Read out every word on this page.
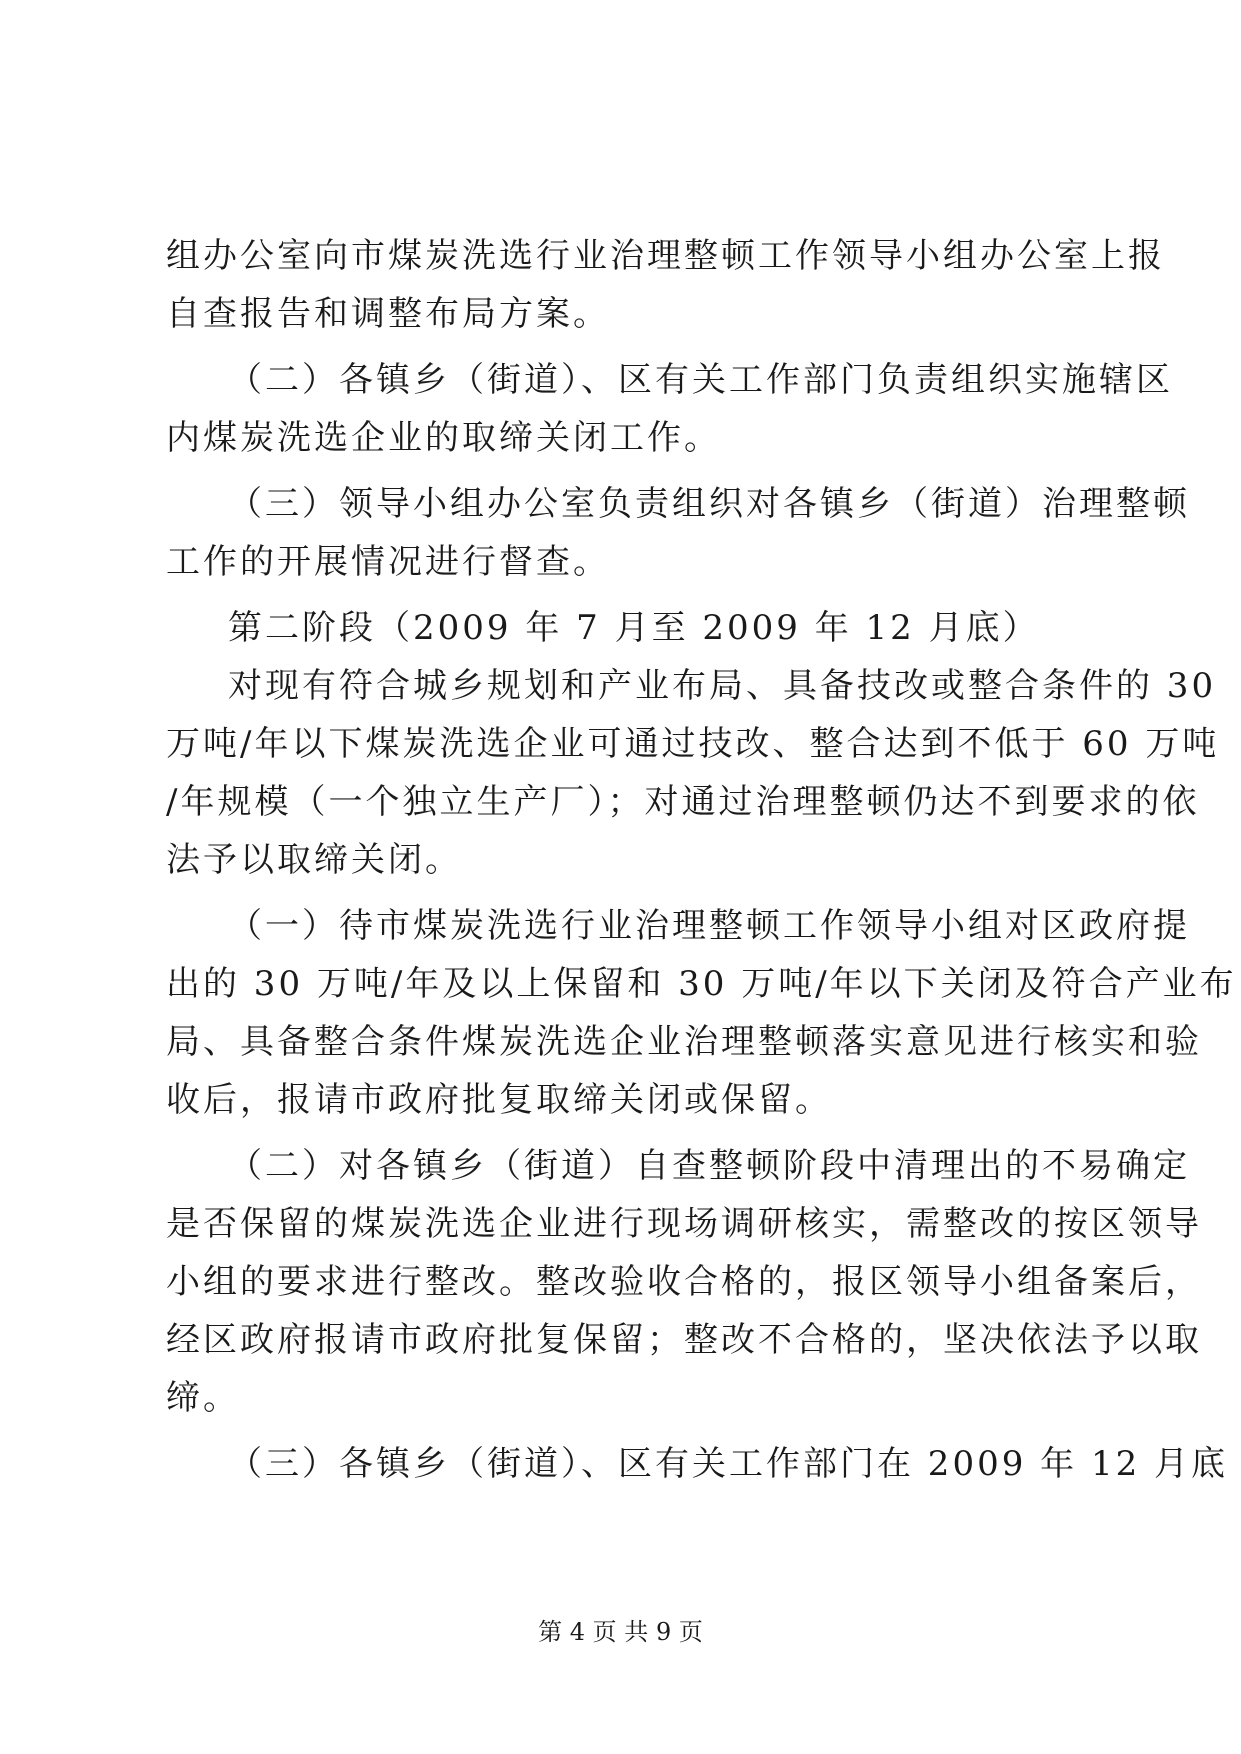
组办公室向市煤炭洗选行业治理整顿工作领导小组办公室上报
自查报告和调整布局方案。
（二）各镇乡（街道）、区有关工作部门负责组织实施辖区
内煤炭洗选企业的取缔关闭工作。
（三）领导小组办公室负责组织对各镇乡（街道）治理整顿
工作的开展情况进行督查。
第二阶段（2009 年 7 月至 2009 年 12 月底）
对现有符合城乡规划和产业布局、具备技改或整合条件的 30
万吨/年以下煤炭洗选企业可通过技改、整合达到不低于 60 万吨
/年规模（一个独立生产厂）；对通过治理整顿仍达不到要求的依
法予以取缔关闭。
（一）待市煤炭洗选行业治理整顿工作领导小组对区政府提
出的 30 万吨/年及以上保留和 30 万吨/年以下关闭及符合产业布
局、具备整合条件煤炭洗选企业治理整顿落实意见进行核实和验
收后，报请市政府批复取缔关闭或保留。
（二）对各镇乡（街道）自查整顿阶段中清理出的不易确定
是否保留的煤炭洗选企业进行现场调研核实，需整改的按区领导
小组的要求进行整改。整改验收合格的，报区领导小组备案后，
经区政府报请市政府批复保留；整改不合格的，坚决依法予以取
缔。
（三）各镇乡（街道）、区有关工作部门在 2009 年 12 月底
第 4 页 共 9 页
